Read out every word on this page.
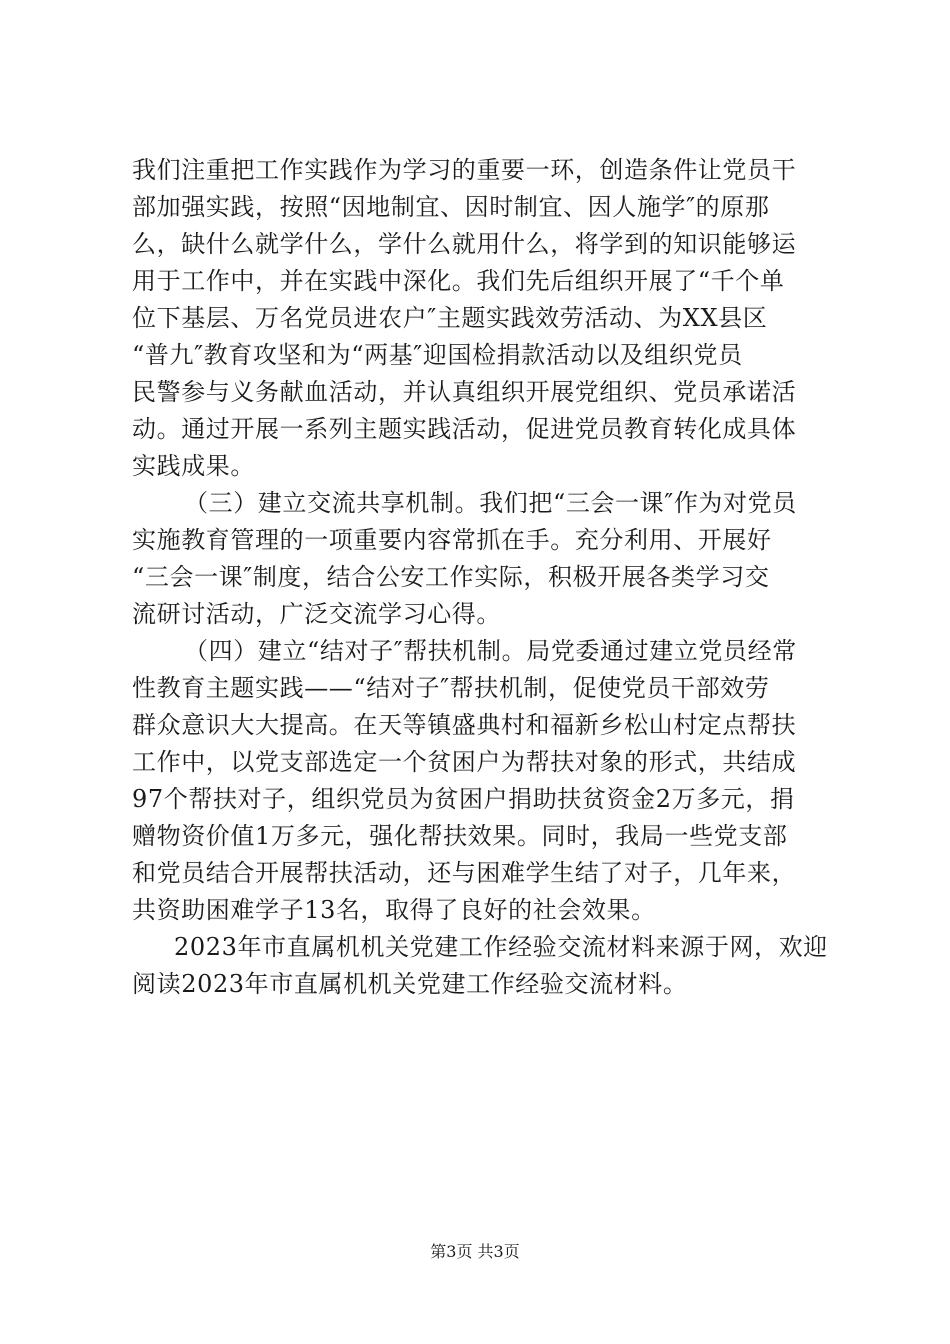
我们注重把工作实践作为学习的重要一环，创造条件让党员干
部加强实践，按照“因地制宜、因时制宜、因人施学″的原那
么，缺什么就学什么，学什么就用什么，将学到的知识能够运
用于工作中，并在实践中深化。我们先后组织开展了“千个单
位下基层、万名党员进农户″主题实践效劳活动、为XX县区
“普九″教育攻坚和为“两基″迎国检捐款活动以及组织党员
民警参与义务献血活动，并认真组织开展党组织、党员承诺活
动。通过开展一系列主题实践活动，促进党员教育转化成具体
实践成果。
（三）建立交流共享机制。我们把“三会一课″作为对党员
实施教育管理的一项重要内容常抓在手。充分利用、开展好
“三会一课″制度，结合公安工作实际，积极开展各类学习交
流研讨活动，广泛交流学习心得。
（四）建立“结对子″帮扶机制。局党委通过建立党员经常
性教育主题实践——“结对子″帮扶机制，促使党员干部效劳
群众意识大大提高。在天等镇盛典村和福新乡松山村定点帮扶
工作中，以党支部选定一个贫困户为帮扶对象的形式，共结成
97个帮扶对子，组织党员为贫困户捐助扶贫资金2万多元，捐
赠物资价值1万多元，强化帮扶效果。同时，我局一些党支部
和党员结合开展帮扶活动，还与困难学生结了对子，几年来，
共资助困难学子13名，取得了良好的社会效果。
2023年市直属机机关党建工作经验交流材料来源于网，欢迎
阅读2023年市直属机机关党建工作经验交流材料。
第3页 共3页
